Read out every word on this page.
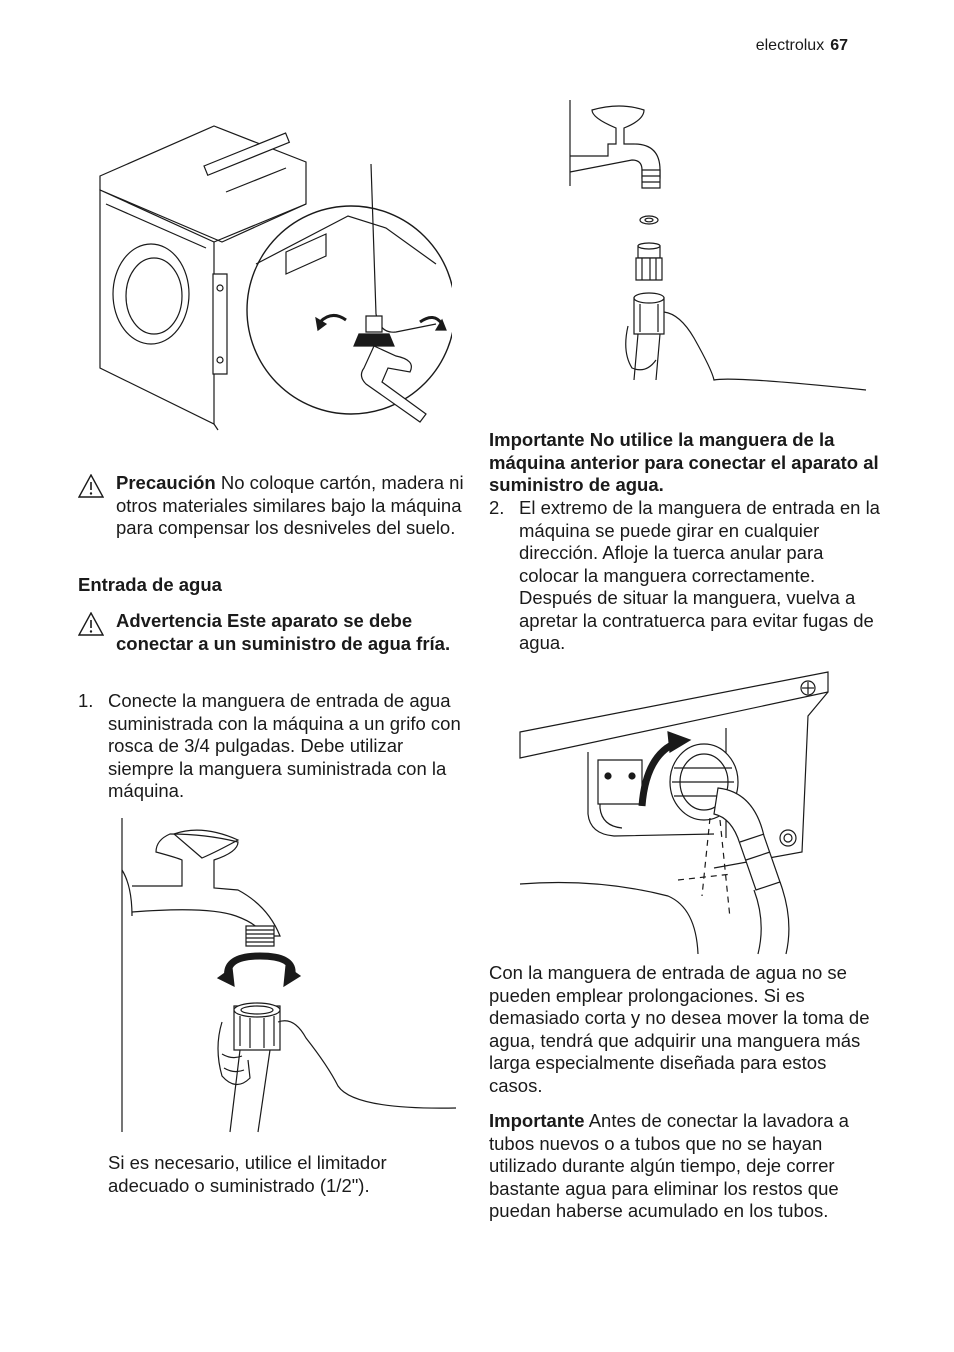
electrolux 67
Precaución No coloque cartón, madera ni otros materiales similares bajo la máquina para compensar los desniveles del suelo.
Entrada de agua
Advertencia Este aparato se debe conectar a un suministro de agua fría.
1. Conecte la manguera de entrada de agua suministrada con la máquina a un grifo con rosca de 3/4 pulgadas. Debe utilizar siempre la manguera suministrada con la máquina.
Si es necesario, utilice el limitador adecuado o suministrado (1/2").
Importante No utilice la manguera de la máquina anterior para conectar el aparato al suministro de agua.
2. El extremo de la manguera de entrada en la máquina se puede girar en cualquier dirección. Afloje la tuerca anular para colocar la manguera correctamente. Después de situar la manguera, vuelva a apretar la contratuerca para evitar fugas de agua.
Con la manguera de entrada de agua no se pueden emplear prolongaciones. Si es demasiado corta y no desea mover la toma de agua, tendrá que adquirir una manguera más larga especialmente diseñada para estos casos.
Importante Antes de conectar la lavadora a tubos nuevos o a tubos que no se hayan utilizado durante algún tiempo, deje correr bastante agua para eliminar los restos que puedan haberse acumulado en los tubos.
